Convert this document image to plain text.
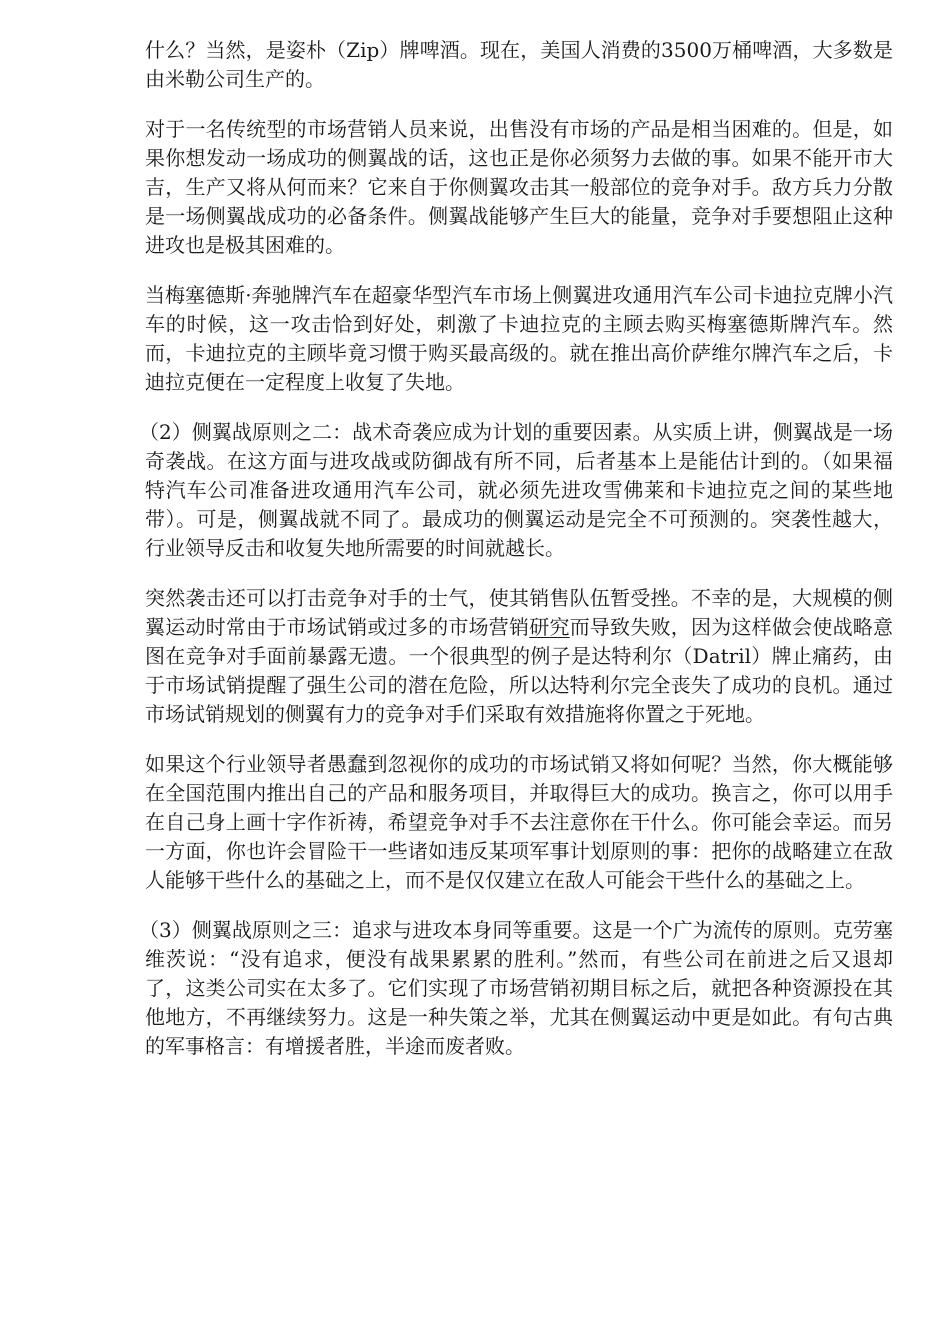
什么？当然，是姿朴（Zip）牌啤酒。现在，美国人消费的3500万桶啤酒，大多数是由米勒公司生产的。

对于一名传统型的市场营销人员来说，出售没有市场的产品是相当困难的。但是，如果你想发动一场成功的侧翼战的话，这也正是你必须努力去做的事。如果不能开市大吉，生产又将从何而来？它来自于你侧翼攻击其一般部位的竞争对手。敌方兵力分散是一场侧翼战成功的必备条件。侧翼战能够产生巨大的能量，竞争对手要想阻止这种进攻也是极其困难的。

当梅塞德斯·奔驰牌汽车在超豪华型汽车市场上侧翼进攻通用汽车公司卡迪拉克牌小汽车的时候，这一攻击恰到好处，刺激了卡迪拉克的主顾去购买梅塞德斯牌汽车。然而，卡迪拉克的主顾毕竟习惯于购买最高级的。就在推出高价萨维尔牌汽车之后，卡迪拉克便在一定程度上收复了失地。

（2）侧翼战原则之二：战术奇袭应成为计划的重要因素。从实质上讲，侧翼战是一场奇袭战。在这方面与进攻战或防御战有所不同，后者基本上是能估计到的。（如果福特汽车公司准备进攻通用汽车公司，就必须先进攻雪佛莱和卡迪拉克之间的某些地带）。可是，侧翼战就不同了。最成功的侧翼运动是完全不可预测的。突袭性越大，行业领导反击和收复失地所需要的时间就越长。

突然袭击还可以打击竞争对手的士气，使其销售队伍暂受挫。不幸的是，大规模的侧翼运动时常由于市场试销或过多的市场营销研究而导致失败，因为这样做会使战略意图在竞争对手面前暴露无遗。一个很典型的例子是达特利尔（Datril）牌止痛药，由于市场试销提醒了强生公司的潜在危险，所以达特利尔完全丧失了成功的良机。通过市场试销规划的侧翼有力的竞争对手们采取有效措施将你置之于死地。

如果这个行业领导者愚蠢到忽视你的成功的市场试销又将如何呢？当然，你大概能够在全国范围内推出自己的产品和服务项目，并取得巨大的成功。换言之，你可以用手在自己身上画十字作祈祷，希望竞争对手不去注意你在干什么。你可能会幸运。而另一方面，你也许会冒险干一些诸如违反某项军事计划原则的事：把你的战略建立在敌人能够干些什么的基础之上，而不是仅仅建立在敌人可能会干些什么的基础之上。

（3）侧翼战原则之三：追求与进攻本身同等重要。这是一个广为流传的原则。克劳塞维茨说：“没有追求，便没有战果累累的胜利。”然而，有些公司在前进之后又退却了，这类公司实在太多了。它们实现了市场营销初期目标之后，就把各种资源投在其他地方，不再继续努力。这是一种失策之举，尤其在侧翼运动中更是如此。有句古典的军事格言：有增援者胜，半途而废者败。
